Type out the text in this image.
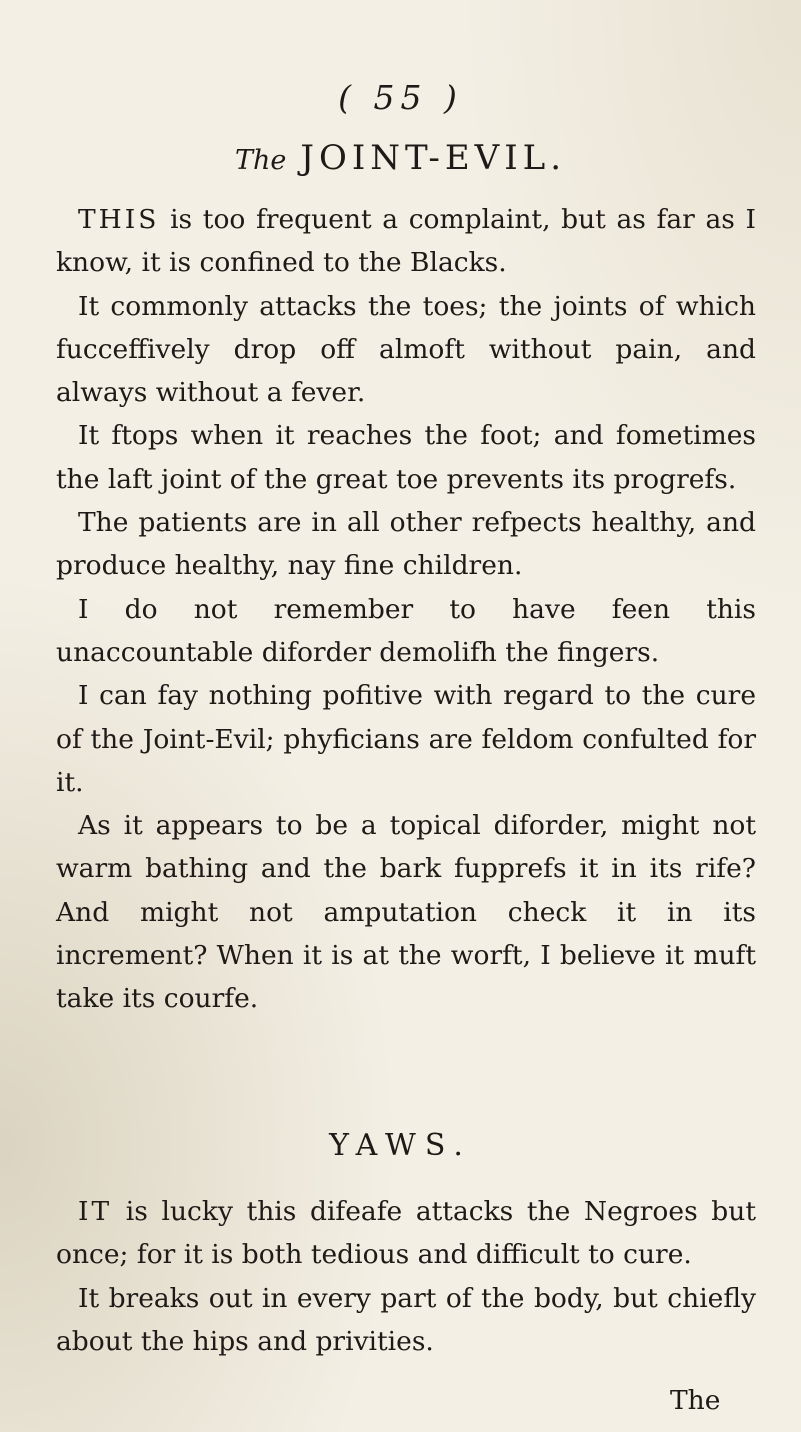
( 55 )
The JOINT-EVIL.

THIS is too frequent a complaint, but as far as I know, it is confined to the Blacks.

It commonly attacks the toes; the joints of which fucceffively drop off almoft without pain, and always without a fever.

It ftops when it reaches the foot; and fometimes the laft joint of the great toe prevents its progrefs.

The patients are in all other refpects healthy, and produce healthy, nay fine children.

I do not remember to have feen this unaccountable diforder demolifh the fingers.

I can fay nothing pofitive with regard to the cure of the Joint-Evil; phyficians are feldom confulted for it.

As it appears to be a topical diforder, might not warm bathing and the bark fupprefs it in its rife? And might not amputation check it in its increment? When it is at the worft, I believe it muft take its courfe.

YAWS.

IT is lucky this difeafe attacks the Negroes but once; for it is both tedious and difficult to cure.

It breaks out in every part of the body, but chiefly about the hips and privities.

The
